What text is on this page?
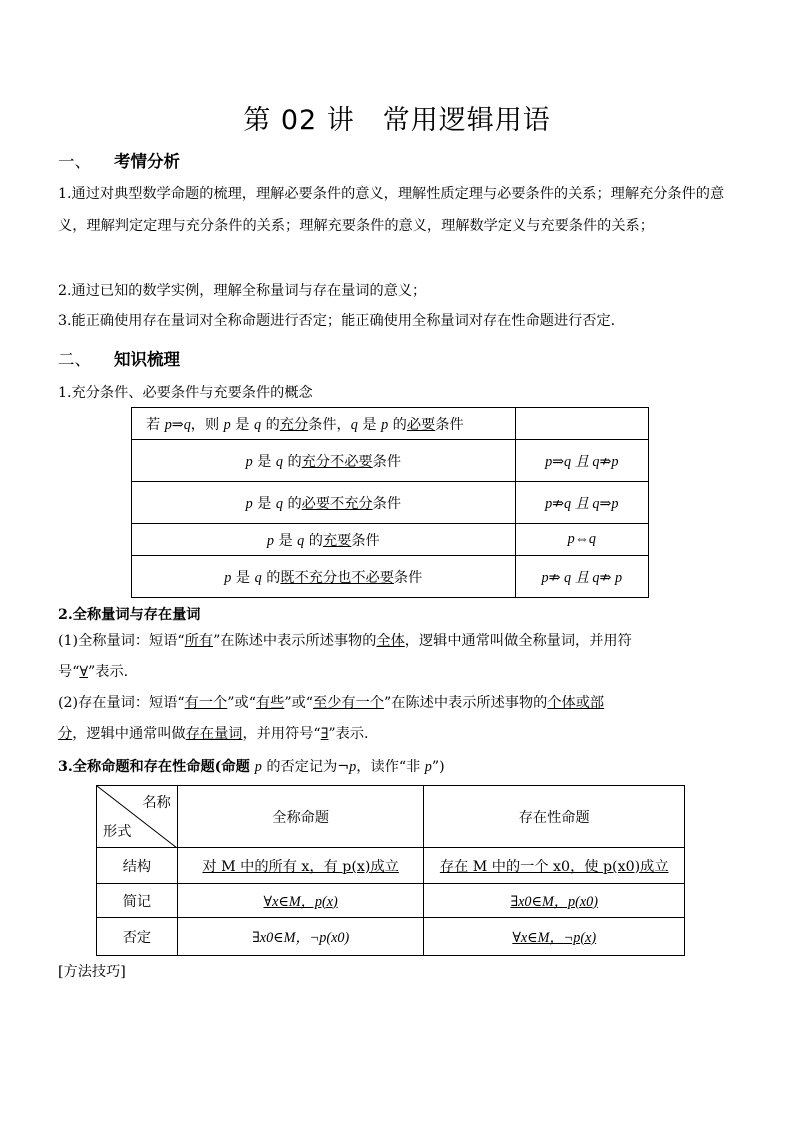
第 02 讲 常用逻辑用语
一、 考情分析
1.通过对典型数学命题的梳理，理解必要条件的意义，理解性质定理与必要条件的关系；理解充分条件的意义，理解判定定理与充分条件的关系；理解充要条件的意义，理解数学定义与充要条件的关系；
2.通过已知的数学实例，理解全称量词与存在量词的意义；
3.能正确使用存在量词对全称命题进行否定；能正确使用全称量词对存在性命题进行否定.
二、 知识梳理
1.充分条件、必要条件与充要条件的概念
若 p⇒q，则 p 是 q 的充分条件，q 是 p 的必要条件	
p 是 q 的充分不必要条件	p⇒q 且 q⇏p
p 是 q 的必要不充分条件	p⇏q 且 q⇒p
p 是 q 的充要条件	p⇔q
p 是 q 的既不充分也不必要条件	p⇏ q 且 q⇏ p
2.全称量词与存在量词
(1)全称量词：短语“所有”在陈述中表示所述事物的全体，逻辑中通常叫做全称量词，并用符
号“∀”表示.
(2)存在量词：短语“有一个”或“有些”或“至少有一个”在陈述中表示所述事物的个体或部
分，逻辑中通常叫做存在量词，并用符号“∃”表示.
3.全称命题和存在性命题(命题 p 的否定记为¬p，读作“非 p”)
名称
形式	全称命题	存在性命题
结构	对 M 中的所有 x，有 p(x)成立	存在 M 中的一个 x0，使 p(x0)成立
简记	∀x∈M，p(x)	∃x0∈M，p(x0)
否定	∃x0∈M，¬p(x0)	∀x∈M，¬p(x)
[方法技巧]
